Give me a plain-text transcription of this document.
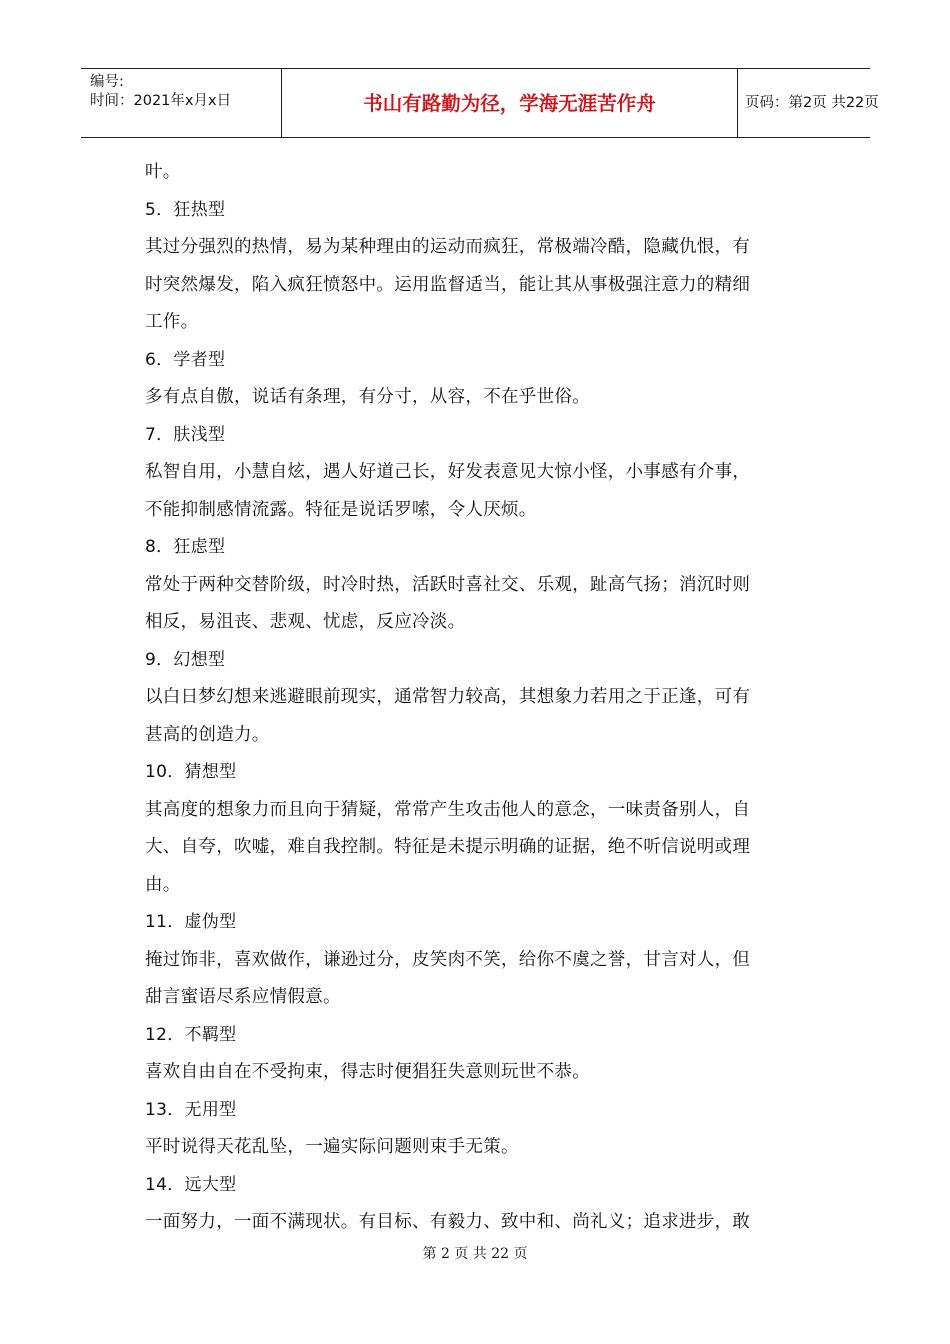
编号:
时间：2021年x月x日	书山有路勤为径，学海无涯苦作舟	页码：第2页 共22页
叶。
5．狂热型
其过分强烈的热情，易为某种理由的运动而疯狂，常极端冷酷，隐藏仇恨，有
时突然爆发，陷入疯狂愤怒中。运用监督适当，能让其从事极强注意力的精细
工作。
6．学者型
多有点自傲，说话有条理，有分寸，从容，不在乎世俗。
7．肤浅型
私智自用，小慧自炫，遇人好道己长，好发表意见大惊小怪，小事感有介事，
不能抑制感情流露。特征是说话罗嗦，令人厌烦。
8．狂虑型
常处于两种交替阶级，时冷时热，活跃时喜社交、乐观，趾高气扬；消沉时则
相反，易沮丧、悲观、忧虑，反应冷淡。
9．幻想型
以白日梦幻想来逃避眼前现实，通常智力较高，其想象力若用之于正逢，可有
甚高的创造力。
10．猜想型
其高度的想象力而且向于猜疑，常常产生攻击他人的意念，一味责备别人，自
大、自夸，吹嘘，难自我控制。特征是未提示明确的证据，绝不听信说明或理
由。
11．虚伪型
掩过饰非，喜欢做作，谦逊过分，皮笑肉不笑，给你不虞之誉，甘言对人，但
甜言蜜语尽系应情假意。
12．不羁型
喜欢自由自在不受拘束，得志时便猖狂失意则玩世不恭。
13．无用型
平时说得天花乱坠，一遍实际问题则束手无策。
14．远大型
一面努力，一面不满现状。有目标、有毅力、致中和、尚礼义；追求进步，敢
第 2 页 共 22 页
